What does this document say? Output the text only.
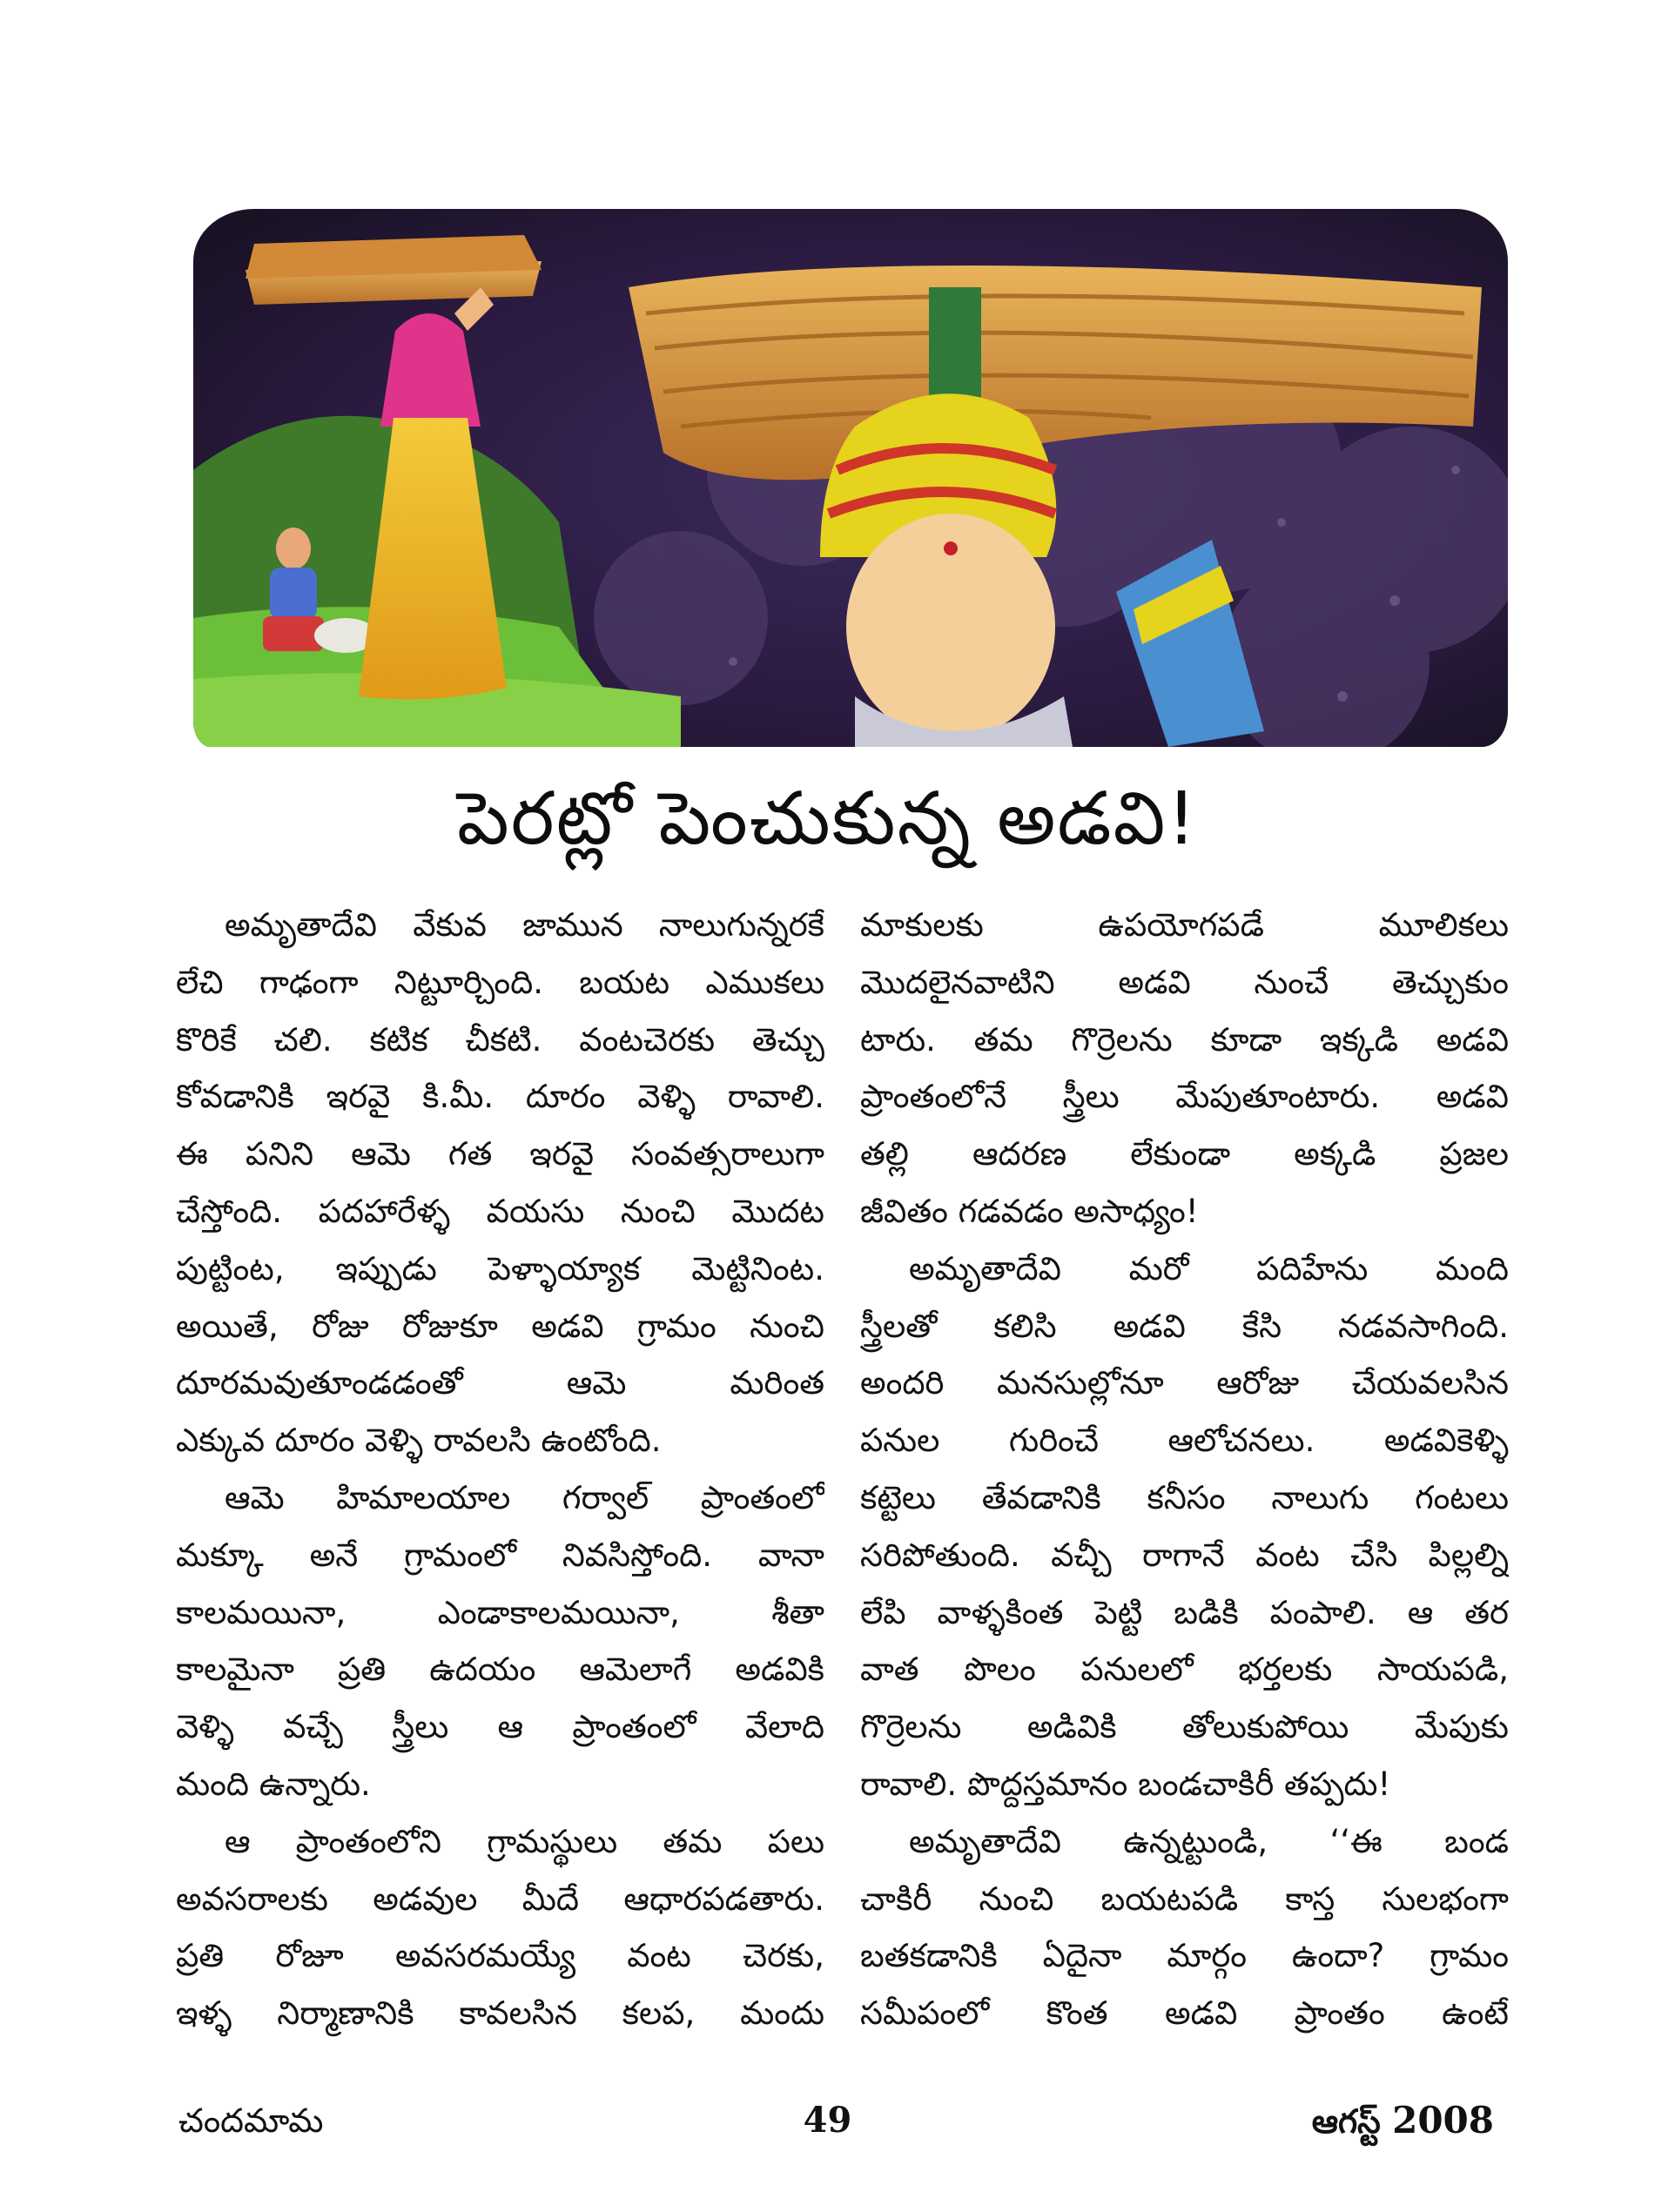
పెరట్లో పెంచుకున్న అడవి!

అమృతాదేవి వేకువ జామున నాలుగున్నరకే
లేచి గాఢంగా నిట్టూర్చింది. బయట ఎముకలు
కొరికే చలి. కటిక చీకటి. వంటచెరకు తెచ్చు
కోవడానికి ఇరవై కి.మీ. దూరం వెళ్ళి రావాలి.
ఈ పనిని ఆమె గత ఇరవై సంవత్సరాలుగా
చేస్తోంది. పదహారేళ్ళ వయసు నుంచి మొదట
పుట్టింట, ఇప్పుడు పెళ్ళాయ్యాక మెట్టినింట.
అయితే, రోజు రోజుకూ అడవి గ్రామం నుంచి
దూరమవుతూండడంతో ఆమె మరింత
ఎక్కువ దూరం వెళ్ళి రావలసి ఉంటోంది.

ఆమె హిమాలయాల గర్వాల్ ప్రాంతంలో
మక్కూ అనే గ్రామంలో నివసిస్తోంది. వానా
కాలమయినా, ఎండాకాలమయినా, శీతా
కాలమైనా ప్రతి ఉదయం ఆమెలాగే అడవికి
వెళ్ళి వచ్చే స్త్రీలు ఆ ప్రాంతంలో వేలాది
మంది ఉన్నారు.

ఆ ప్రాంతంలోని గ్రామస్థులు తమ పలు
అవసరాలకు అడవుల మీదే ఆధారపడతారు.
ప్రతి రోజూ అవసరమయ్యే వంట చెరకు,
ఇళ్ళ నిర్మాణానికి కావలసిన కలప, మందు

మాకులకు ఉపయోగపడే మూలికలు
మొదలైనవాటిని అడవి నుంచే తెచ్చుకుం
టారు. తమ గొర్రెలను కూడా ఇక్కడి అడవి
ప్రాంతంలోనే స్త్రీలు మేపుతూంటారు. అడవి
తల్లి ఆదరణ లేకుండా అక్కడి ప్రజల
జీవితం గడవడం అసాధ్యం!

అమృతాదేవి మరో పదిహేను మంది
స్త్రీలతో కలిసి అడవి కేసి నడవసాగింది.
అందరి మనసుల్లోనూ ఆరోజు చేయవలసిన
పనుల గురించే ఆలోచనలు. అడవికెళ్ళి
కట్టెలు తేవడానికి కనీసం నాలుగు గంటలు
సరిపోతుంది. వచ్చీ రాగానే వంట చేసి పిల్లల్ని
లేపి వాళ్ళకింత పెట్టి బడికి పంపాలి. ఆ తర
వాత పొలం పనులలో భర్తలకు సాయపడి,
గొర్రెలను అడివికి తోలుకుపోయి మేపుకు
రావాలి. పొద్దస్తమానం బండచాకిరీ తప్పదు!

అమృతాదేవి ఉన్నట్టుండి, ‘‘ఈ బండ
చాకిరీ నుంచి బయటపడి కాస్త సులభంగా
బతకడానికి ఏదైనా మార్గం ఉందా? గ్రామం
సమీపంలో కొంత అడవి ప్రాంతం ఉంటే

చందమామ	49	ఆగస్ట్ 2008
